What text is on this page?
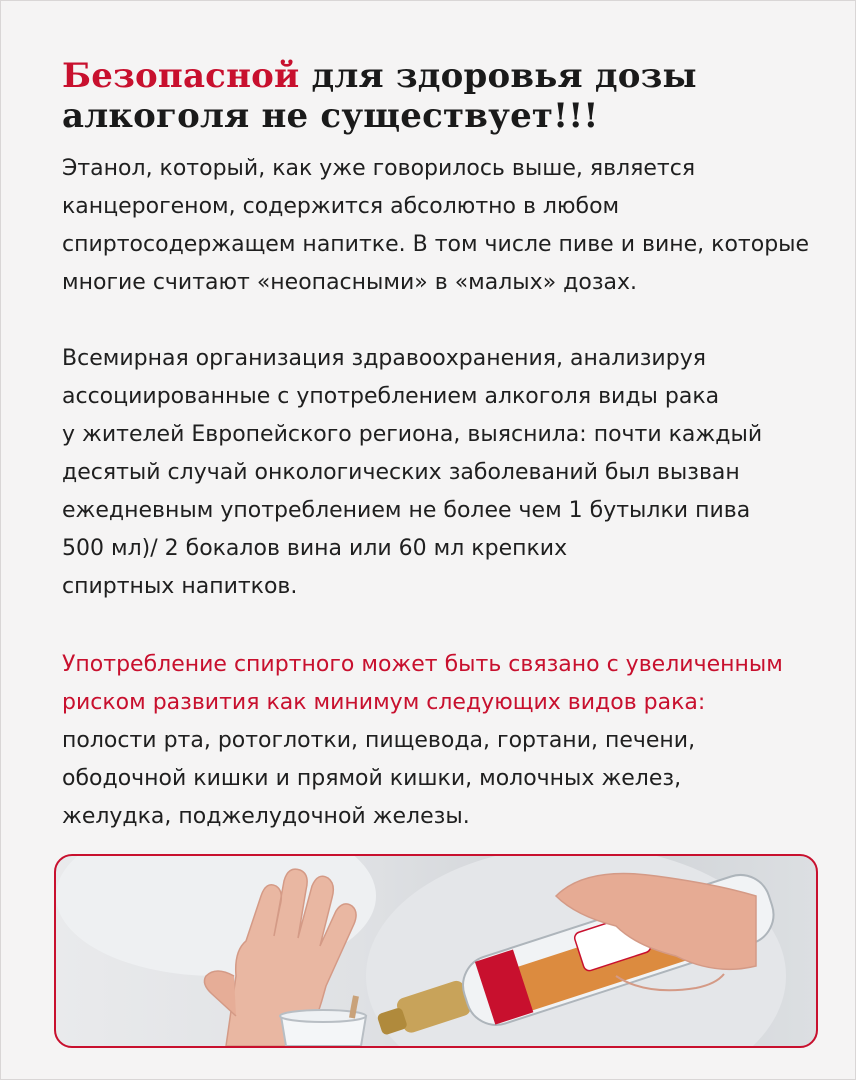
Безопасной для здоровья дозы
алкоголя не существует!!!

Этанол, который, как уже говорилось выше, является
канцерогеном, содержится абсолютно в любом
спиртосодержащем напитке. В том числе пиве и вине, которые
многие считают «неопасными» в «малых» дозах.

Всемирная организация здравоохранения, анализируя
ассоциированные с употреблением алкоголя виды рака
у жителей Европейского региона, выяснила: почти каждый
десятый случай онкологических заболеваний был вызван
ежедневным употреблением не более чем 1 бутылки пива
500 мл)/ 2 бокалов вина или 60 мл крепких
спиртных напитков.

Употребление спиртного может быть связано с увеличенным
риском развития как минимум следующих видов рака:
полости рта, ротоглотки, пищевода, гортани, печени,
ободочной кишки и прямой кишки, молочных желез,
желудка, поджелудочной железы.
